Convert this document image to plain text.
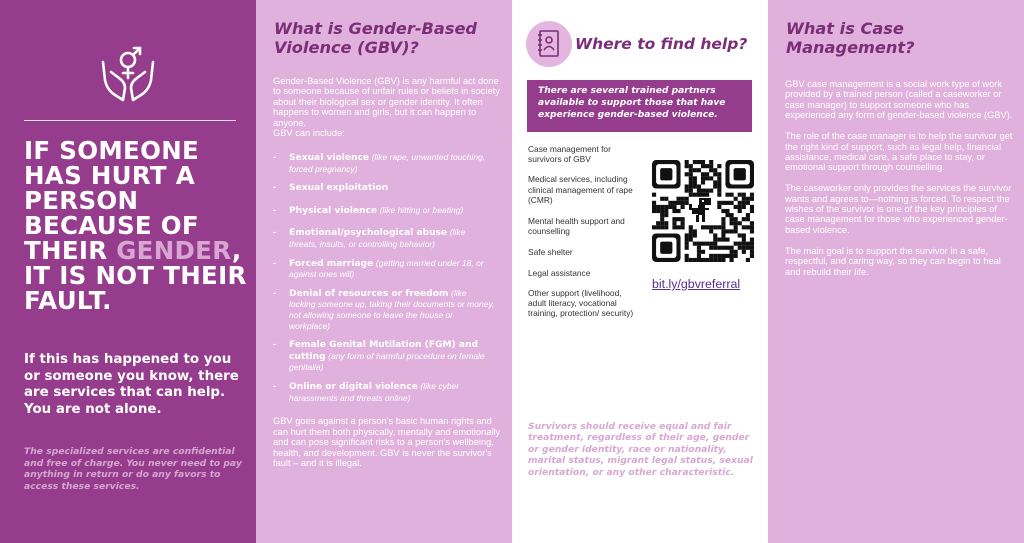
IF SOMEONE HAS HURT A PERSON BECAUSE OF THEIR GENDER, IT IS NOT THEIR FAULT.
If this has happened to you or someone you know, there are services that can help. You are not alone.
The specialized services are confidential and free of charge. You never need to pay anything in return or do any favors to access these services.
What is Gender-Based Violence (GBV)?
Gender-Based Violence (GBV) is any harmful act done to someone because of unfair rules or beliefs in society about their biological sex or gender identity. It often happens to women and girls, but it can happen to anyone.
GBV can include:
- Sexual violence (like rape, unwanted touching, forced pregnancy)
- Sexual exploitation
- Physical violence (like hitting or beating)
- Emotional/psychological abuse (like threats, insults, or controlling behavior)
- Forced marriage (getting married under 18, or against ones will)
- Denial of resources or freedom (like locking someone up, taking their documents or money, not allowing someone to leave the house or workplace)
- Female Genital Mutilation (FGM) and cutting (any form of harmful procedure on female genitalia)
- Online or digital violence (like cyber harassments and threats online)
GBV goes against a person's basic human rights and can hurt them both physically, mentally and emotionally and can pose significant risks to a person's wellbeing, health, and development. GBV is never the survivor's fault – and it is illegal.
Where to find help?
There are several trained partners available to support those that have experience gender-based violence.
Case management for survivors of GBV
Medical services, including clinical management of rape (CMR)
Mental health support and counselling
Safe shelter
Legal assistance
Other support (livelihood, adult literacy, vocational training, protection/ security)
bit.ly/gbvreferral
Survivors should receive equal and fair treatment, regardless of their age, gender or gender identity, race or nationality, marital status, migrant legal status, sexual orientation, or any other characteristic.
What is Case Management?

GBV case management is a social work type of work provided by a trained person (called a caseworker or case manager) to support someone who has experienced any form of gender-based violence (GBV).

The role of the case manager is to help the survivor get the right kind of support, such as legal help, financial assistance, medical care, a safe place to stay, or emotional support through counselling.

The caseworker only provides the services the survivor wants and agrees to—nothing is forced. To respect the wishes of the survivor is one of the key principles of case management for those who experienced gender-based violence.

The main goal is to support the survivor in a safe, respectful, and caring way, so they can begin to heal and rebuild their life.
